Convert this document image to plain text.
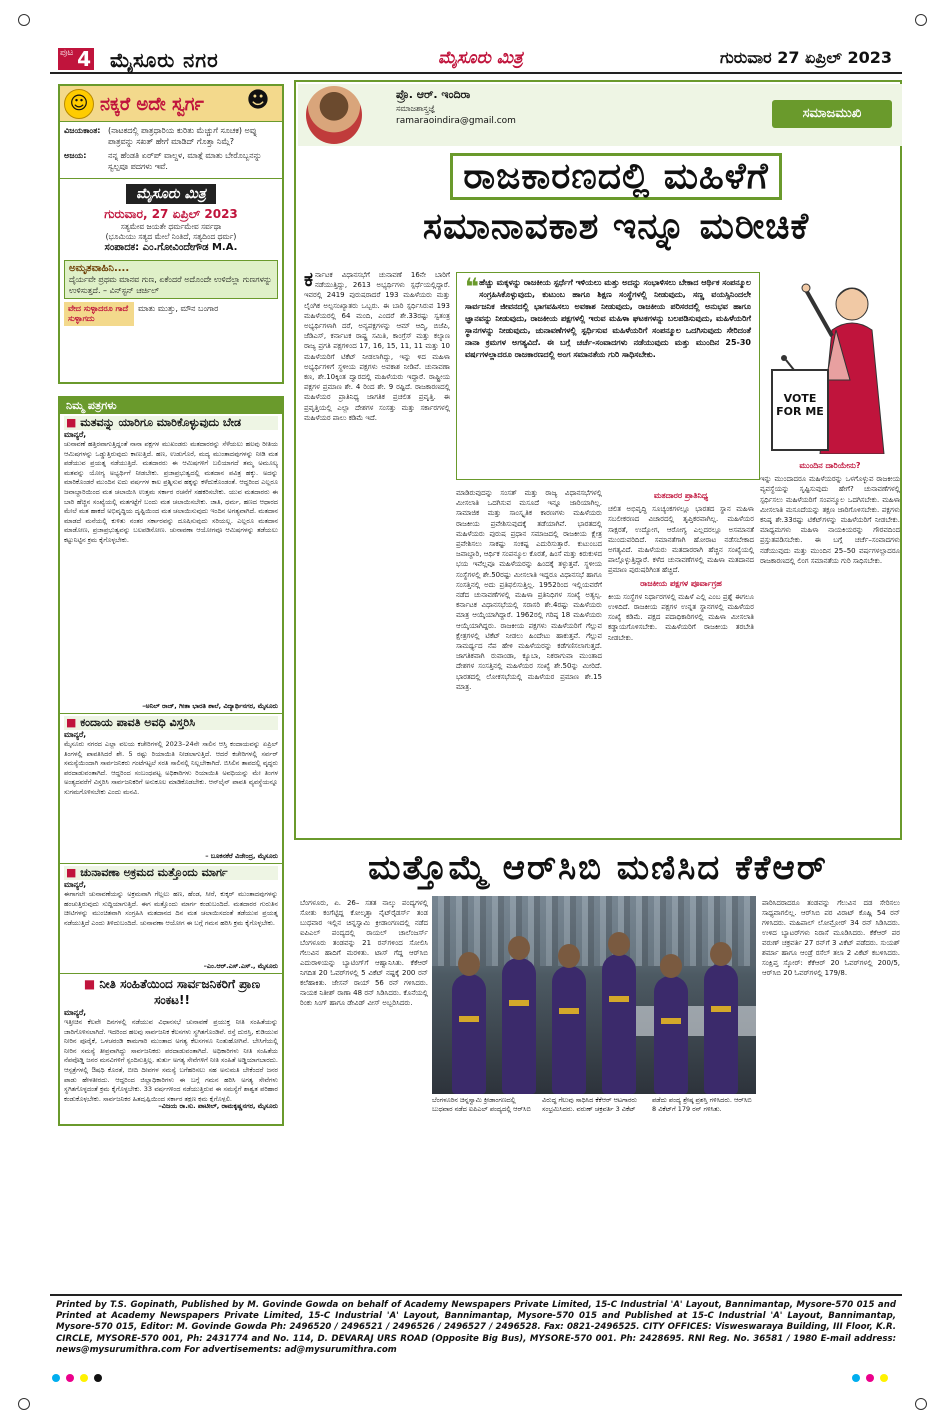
ಪುಟ 4 ಮೈಸೂರು ನಗರ	ಮೈಸೂರು ಮಿತ್ರ	ಗುರುವಾರ 27 ಏಪ್ರಿಲ್ 2023
☺ ನಕ್ಕರೆ ಅದೇ ಸ್ವರ್ಗ	☻
ವಿಜಯಕಾಂತ: (ನಾಟಕದಲ್ಲಿ ಪಾತ್ರಧಾರಿಯ ಕುರಿತು ಮೆಚ್ಚುಗೆ ಸೂಚಕ) ಅವ್ನು ಪಾತ್ರವನ್ನು ಸಖತ್ ಹೇಗೆ ಮಾಡಿದ್ ಗೊತ್ತಾ ನಿಮ್ಗೆ?
ಅಜಯ:	ನನ್ನ ಹೆಂಡತಿ ಏರ್‌ಪ್ ವಾಲ್ದಳ, ಮಾತ್ಗೆ ಮಾತು ಬೇರೊಬ್ಬನನ್ನು ಸ್ವಲ್ಪವೂ ಪದಗಳು ಇವೆ.
ಮೈಸೂರು ಮಿತ್ರ
ಗುರುವಾರ, 27 ಏಪ್ರಿಲ್ 2023
ಸತ್ಯಮೇವ ಜಯತೇ ಧರ್ಮಮೇವ ಸರ್ವಥಾ
(ಭೂಮಿಯು ಸತ್ಯದ ಮೇಲೆ ನಿಂತಿದೆ, ಸತ್ಯದಿಂದ ಧರ್ಮ)
ಸಂಪಾದಕ: ಎಂ.ಗೋವಿಂದೇಗೌಡ M.A.
ಅಮೃತವಾಹಿನಿ....
ದೈರ್ಯವೇ ಪ್ರಥಮ ಮಾನವ ಗುಣ, ಏಕೆಂದರೆ ಅದೊಂದೇ ಉಳಿದೆಲ್ಲಾ ಗುಣಗಳನ್ನು ಉಳಿಸುತ್ತದೆ. – ವಿನ್‌ಸ್ಟನ್ ಚರ್ಚಿಲ್
ವೇದ ಸುಳ್ಳಾದರೂ ಗಾದೆ ಸುಳ್ಳಾಗದು
ಮಾತು ಮುತ್ತು, ಮೌನ ಬಂಗಾರ
ನಿಮ್ಮ ಪತ್ರಗಳು
■ ಮತವನ್ನು ಯಾರಿಗೂ ಮಾರಿಕೊಳ್ಳುವುದು ಬೇಡ
ಮಾನ್ಯರೆ,

ಚುನಾವಣೆ ಹತ್ತಿರವಾಗುತ್ತಿದ್ದಂತೆ ನಾನಾ ಪಕ್ಷಗಳ ಮುಖಂಡರು ಮತದಾರರನ್ನು ಸೆಳೆಯಲು ಹಲವು ರೀತಿಯ ಆಮಿಷಗಳನ್ನು ಒಡ್ಡುತ್ತಿರುವುದು ಕಾಣುತ್ತಿದೆ. ಹಣ, ಉಡುಗೊರೆ, ಮದ್ಯ ಮುಂತಾದವುಗಳನ್ನು ನೀಡಿ ಮತ ಪಡೆಯುವ ಪ್ರಯತ್ನ ನಡೆಯುತ್ತಿದೆ. ಮತದಾರರು ಈ ಆಮಿಷಗಳಿಗೆ ಬಲಿಯಾಗದೆ ತಮ್ಮ ಅಮೂಲ್ಯ ಮತವನ್ನು ಯೋಗ್ಯ ಅಭ್ಯರ್ಥಿಗೆ ನೀಡಬೇಕು. ಪ್ರಜಾಪ್ರಭುತ್ವದಲ್ಲಿ ಮತದಾನ ಪವಿತ್ರ ಹಕ್ಕು. ಅದನ್ನು ಮಾರಿಕೊಂಡರೆ ಮುಂದಿನ ಐದು ವರ್ಷಗಳ ಕಾಲ ಪ್ರಶ್ನಿಸುವ ಹಕ್ಕನ್ನು ಕಳೆದುಕೊಂಡಂತೆ. ಆದ್ದರಿಂದ ಎಲ್ಲರೂ ಜವಾಬ್ದಾರಿಯಿಂದ ಮತ ಚಲಾಯಿಸಿ ಉತ್ತಮ ಸರ್ಕಾರ ರಚನೆಗೆ ಸಹಕರಿಸಬೇಕು. ಯುವ ಮತದಾರರು ಈ ಬಾರಿ ಹೆಚ್ಚಿನ ಸಂಖ್ಯೆಯಲ್ಲಿ ಮತಗಟ್ಟೆಗೆ ಬಂದು ಮತ ಚಲಾಯಿಸಬೇಕು. ಜಾತಿ, ಧರ್ಮ, ಹಣದ ಆಧಾರದ ಮೇಲೆ ಮತ ಹಾಕದೆ ಅಭಿವೃದ್ಧಿಯ ದೃಷ್ಟಿಯಿಂದ ಮತ ಚಲಾಯಿಸುವುದು ಇಂದಿನ ಅಗತ್ಯವಾಗಿದೆ. ಮತದಾನ ಮಾಡದೆ ಮನೆಯಲ್ಲಿ ಕುಳಿತು ನಂತರ ಸರ್ಕಾರವನ್ನು ದೂಷಿಸುವುದು ಸರಿಯಲ್ಲ. ಎಲ್ಲರೂ ಮತದಾನ ಮಾಡೋಣ, ಪ್ರಜಾಪ್ರಭುತ್ವವನ್ನು ಬಲಪಡಿಸೋಣ. ಚುನಾವಣಾ ಆಯೋಗವೂ ಆಮಿಷಗಳನ್ನು ತಡೆಯಲು ಕಟ್ಟುನಿಟ್ಟಿನ ಕ್ರಮ ಕೈಗೊಳ್ಳಬೇಕು.

–ಅನಿಲ್ ರಾಜ್, ಗೀತಾ ಭಾರತಿ ಶಾಲೆ, ವಿದ್ಯಾರ್ಥಿನಗರ, ಮೈಸೂರು
■ ಕಂದಾಯ ಪಾವತಿ ಅವಧಿ ವಿಸ್ತರಿಸಿ
ಮಾನ್ಯರೆ,

ಮೈಸೂರು ನಗರದ ಎಲ್ಲಾ ವಲಯ ಕಚೇರಿಗಳಲ್ಲಿ 2023–24ನೇ ಸಾಲಿನ ಆಸ್ತಿ ಕಂದಾಯವನ್ನು ಏಪ್ರಿಲ್ ತಿಂಗಳಲ್ಲಿ ಪಾವತಿಸಿದರೆ ಶೇ. 5 ರಷ್ಟು ರಿಯಾಯಿತಿ ನೀಡಲಾಗುತ್ತಿದೆ. ಆದರೆ ಕಚೇರಿಗಳಲ್ಲಿ ಸರ್ವರ್ ಸಮಸ್ಯೆಯಿಂದಾಗಿ ಸಾರ್ವಜನಿಕರು ಗಂಟೆಗಟ್ಟಲೆ ಸರತಿ ಸಾಲಿನಲ್ಲಿ ನಿಲ್ಲಬೇಕಾಗಿದೆ. ಬಿಸಿಲಿನ ತಾಪದಲ್ಲಿ ವೃದ್ಧರು ಪರದಾಡುವಂತಾಗಿದೆ. ಆದ್ದರಿಂದ ಸಂಬಂಧಪಟ್ಟ ಅಧಿಕಾರಿಗಳು ರಿಯಾಯಿತಿ ಅವಧಿಯನ್ನು ಮೇ ತಿಂಗಳ ಅಂತ್ಯದವರೆಗೆ ವಿಸ್ತರಿಸಿ ಸಾರ್ವಜನಿಕರಿಗೆ ಅನುಕೂಲ ಮಾಡಿಕೊಡಬೇಕು. ಆನ್‌ಲೈನ್ ಪಾವತಿ ವ್ಯವಸ್ಥೆಯನ್ನೂ ಸುಗಮಗೊಳಿಸಬೇಕು ಎಂದು ಮನವಿ.

– ಬೂಕನಕೆರೆ ವಿಜೇಂದ್ರ, ಮೈಸೂರು
■ ಚುನಾವಣಾ ಅಕ್ರಮದ ಮತ್ತೊಂದು ಮಾರ್ಗ
ಮಾನ್ಯರೆ,

ಈಗಾಗಲೇ ಚುನಾವಣೆಯನ್ನು ಅಕ್ರಮವಾಗಿ ಗೆಲ್ಲಲು ಹಣ, ಹೆಂಡ, ಸೀರೆ, ಕುಕ್ಕರ್ ಮುಂತಾದವುಗಳನ್ನು ಹಂಚುತ್ತಿರುವುದು ಸುದ್ದಿಯಾಗುತ್ತಿದೆ. ಈಗ ಮತ್ತೊಂದು ಮಾರ್ಗ ಕಂಡುಬಂದಿದೆ. ಮತದಾರರ ಗುರುತಿನ ಚೀಟಿಗಳನ್ನು ಮುಂಚಿತವಾಗಿ ಸಂಗ್ರಹಿಸಿ ಮತದಾನದ ದಿನ ಮತ ಚಲಾಯಿಸದಂತೆ ತಡೆಯುವ ಪ್ರಯತ್ನ ನಡೆಯುತ್ತಿದೆ ಎಂದು ತಿಳಿದುಬಂದಿದೆ. ಚುನಾವಣಾ ಆಯೋಗ ಈ ಬಗ್ಗೆ ಗಮನ ಹರಿಸಿ ಕ್ರಮ ಕೈಗೊಳ್ಳಬೇಕು.

–ಎಂ.ಆರ್.ಎಸ್.ಎಸ್., ಮೈಸೂರು
■ ನೀತಿ ಸಂಹಿತೆಯಿಂದ ಸಾರ್ವಜನಿಕರಿಗೆ ಪ್ರಾಣ ಸಂಕಟ!!
ಮಾನ್ಯರೆ,

ಇತ್ತೀಚಿನ ಕೆಲವೇ ದಿನಗಳಲ್ಲಿ ನಡೆಯುವ ವಿಧಾನಸಭೆ ಚುನಾವಣೆ ಪ್ರಯುಕ್ತ ನೀತಿ ಸಂಹಿತೆಯನ್ನು ಜಾರಿಗೊಳಿಸಲಾಗಿದೆ. ಇದರಿಂದ ಹಲವು ಸಾರ್ವಜನಿಕ ಕೆಲಸಗಳು ಸ್ಥಗಿತಗೊಂಡಿವೆ. ರಸ್ತೆ ದುರಸ್ತಿ, ಕುಡಿಯುವ ನೀರಿನ ಪೂರೈಕೆ, ಒಳಚರಂಡಿ ಕಾಮಗಾರಿ ಮುಂತಾದ ಅಗತ್ಯ ಕೆಲಸಗಳೂ ನಿಂತುಹೋಗಿವೆ. ಬೇಸಿಗೆಯಲ್ಲಿ ನೀರಿನ ಸಮಸ್ಯೆ ತೀವ್ರವಾಗಿದ್ದು ಸಾರ್ವಜನಿಕರು ಪರದಾಡುವಂತಾಗಿದೆ. ಅಧಿಕಾರಿಗಳು ನೀತಿ ಸಂಹಿತೆಯ ನೆಪವೊಡ್ಡಿ ಜನರ ಮನವಿಗಳಿಗೆ ಸ್ಪಂದಿಸುತ್ತಿಲ್ಲ. ತುರ್ತು ಅಗತ್ಯ ಸೇವೆಗಳಿಗೆ ನೀತಿ ಸಂಹಿತೆ ಅಡ್ಡಿಯಾಗಬಾರದು. ಆಸ್ಪತ್ರೆಗಳಲ್ಲಿ ಔಷಧಿ ಕೊರತೆ, ಬೀದಿ ದೀಪಗಳ ಸಮಸ್ಯೆ ಬಗೆಹರಿಸಲು ಸಹ ಅನುಮತಿ ಬೇಕೆಂದರೆ ಜನರ ಪಾಡು ಹೇಳತೀರದು. ಆದ್ದರಿಂದ ಜಿಲ್ಲಾಧಿಕಾರಿಗಳು ಈ ಬಗ್ಗೆ ಗಮನ ಹರಿಸಿ ಅಗತ್ಯ ಸೇವೆಗಳು ಸ್ಥಗಿತಗೊಳ್ಳದಂತೆ ಕ್ರಮ ಕೈಗೊಳ್ಳಬೇಕು. 33 ವರ್ಷಗಳಿಂದ ನಡೆಯುತ್ತಿರುವ ಈ ಸಮಸ್ಯೆಗೆ ಶಾಶ್ವತ ಪರಿಹಾರ ಕಂಡುಕೊಳ್ಳಬೇಕು. ಸಾರ್ವಜನಿಕರ ಹಿತದೃಷ್ಟಿಯಿಂದ ಸರ್ಕಾರ ತಕ್ಷಣ ಕ್ರಮ ಕೈಗೊಳ್ಳಲಿ.

–ವಿಜಯ ರಾ.ಸು. ಪಾಟೀಲ್, ರಾಮಕೃಷ್ಣನಗರ, ಮೈಸೂರು
ಪ್ರೊ. ಆರ್. ಇಂದಿರಾ
ಸಮಾಜಶಾಸ್ತ್ರಜ್ಞೆ
ramaraoindira@gmail.com	ಸಮಾಜಮುಖಿ
ರಾಜಕಾರಣದಲ್ಲಿ ಮಹಿಳೆಗೆ
ಸಮಾನಾವಕಾಶ ಇನ್ನೂ ಮರೀಚಿಕೆ
ಕರ್ನಾಟಕ ವಿಧಾನಸಭೆಗೆ ಚುನಾವಣೆ 16ನೇ ಬಾರಿಗೆ ನಡೆಯುತ್ತಿದ್ದು, 2613 ಅಭ್ಯರ್ಥಿಗಳು ಸ್ಪರ್ಧೆಯಲ್ಲಿದ್ದಾರೆ. ಇವರಲ್ಲಿ 2419 ಪುರುಷರಾದರೆ 193 ಮಹಿಳೆಯರು ಮತ್ತು ಲೈಂಗಿಕ ಅಲ್ಪಸಂಖ್ಯಾತರು ಒಬ್ಬರು. ಈ ಬಾರಿ ಸ್ಪರ್ಧಿಸಿರುವ 193 ಮಹಿಳೆಯರಲ್ಲಿ 64 ಮಂದಿ, ಎಂದರೆ ಶೇ.33ರಷ್ಟು ಸ್ವತಂತ್ರ ಅಭ್ಯರ್ಥಿಗಳಾಗಿ ದರೆ, ಅನ್ಯಪಕ್ಷಗಳನ್ನು ಆಮ್ ಆದ್ಮಿ, ಬಿಜೆಪಿ, ಜೆಡಿಎಸ್, ಕರ್ನಾಟಕ ರಾಷ್ಟ್ರ ಸಮಿತಿ, ಕಾಂಗ್ರೆಸ್ ಮತ್ತು ಕಲ್ಯಾಣ ರಾಜ್ಯ ಪ್ರಗತಿ ಪಕ್ಷಗಳಿಂದ 17, 16, 15, 11, 11 ಮತ್ತು 10 ಮಹಿಳೆಯರಿಗೆ ಟಿಕೆಟ್ ನೀಡಲಾಗಿದ್ದು, ಇನ್ನು ಳಿದ ಮಹಿಳಾ ಅಭ್ಯರ್ಥಿಗಳಿಗೆ ಸ್ಥಳೀಯ ಪಕ್ಷಗಳು ಅವಕಾಶ ನೀಡಿವೆ. ಚುನಾವಣಾ ಕಣ, ಶೇ.10ಕ್ಕಿಂತ ದ್ವಾರದಲ್ಲಿ ಮಹಿಳೆಯರು ಇದ್ದಾರೆ. ರಾಷ್ಟ್ರೀಯ ಪಕ್ಷಗಳ ಪ್ರಮಾಣ ಶೇ. 4 ರಿಂದ ಶೇ. 9 ರಷ್ಟಿದೆ. ರಾಜಕಾರಣದಲ್ಲಿ ಮಹಿಳೆಯರ ಪ್ರಾತಿನಿಧ್ಯ ಜಾಗತಿಕ ಪ್ರಚಲಿತ ಪ್ರವೃತ್ತಿ. ಈ ಪ್ರವೃತ್ತಿಯಲ್ಲಿ ಎಲ್ಲಾ ದೇಶಗಳ ಸಂಸತ್ತು ಮತ್ತು ಸರ್ಕಾರಗಳಲ್ಲಿ ಮಹಿಳೆಯರ ಪಾಲು ಕಡಿಮೆ ಇದೆ.
❝ ಹೆಚ್ಚು ಮಕ್ಕಳನ್ನು ರಾಜಕೀಯ ಸ್ಪರ್ಧೆಗೆ ಇಳಿಯಲು ಮತ್ತು ಅದನ್ನು ಸಂಭಾಳಿಸಲು ಬೇಕಾದ ಆರ್ಥಿಕ ಸಂಪನ್ಮೂಲ ಸಂಗ್ರಹಿಸಿಕೊಳ್ಳುವುದು, ಕುಟುಂಬ ಹಾಗೂ ಶಿಕ್ಷಣ ಸಂಸ್ಥೆಗಳಲ್ಲಿ ನೀಡುವುದು, ಸಣ್ಣ ವಯಸ್ಸಿನಿಂದಲೇ ಸಾರ್ವಜನಿಕ ಜೀವನದಲ್ಲಿ ಭಾಗವಹಿಸಲು ಅವಕಾಶ ನೀಡುವುದು, ರಾಜಕೀಯ ಪರಿಸರದಲ್ಲಿ ಅನುಭವ ಹಾಗೂ ಜ್ಞಾನವನ್ನು ನೀಡುವುದು, ರಾಜಕೀಯ ಪಕ್ಷಗಳಲ್ಲಿ ಇರುವ ಮಹಿಳಾ ಘಟಕಗಳನ್ನು ಬಲಪಡಿಸುವುದು, ಮಹಿಳೆಯರಿಗೆ ಸ್ಥಾನಗಳನ್ನು ನೀಡುವುದು, ಚುನಾವಣೆಗಳಲ್ಲಿ ಸ್ಪರ್ಧಿಸುವ ಮಹಿಳೆಯರಿಗೆ ಸಂಪನ್ಮೂಲ ಒದಗಿಸುವುದು ಸೇರಿದಂತೆ ನಾನಾ ಕ್ರಮಗಳ ಅಗತ್ಯವಿದೆ. ಈ ಬಗ್ಗೆ ಚರ್ಚೆ-ಸಂವಾದಗಳು ನಡೆಯುವುದು ಮತ್ತು ಮುಂದಿನ 25-30 ವರ್ಷಗಳಲ್ಲಾದರೂ ರಾಜಕಾರಣದಲ್ಲಿ ಅಂಗ ಸಮಾನತೆಯ ಗುರಿ ಸಾಧಿಸಬೇಕು.
VOTE FOR ME
ಮಾಡಿರುವುದನ್ನು ಸಂಸತ್ ಮತ್ತು ರಾಜ್ಯ ವಿಧಾನಸಭೆಗಳಲ್ಲಿ ಮೀಸಲಾತಿ ಒದಗಿಸುವ ಮಸೂದೆ ಇನ್ನೂ ಜಾರಿಯಾಗಿಲ್ಲ. ಸಾಮಾಜಿಕ ಮತ್ತು ಸಾಂಸ್ಕೃತಿಕ ಕಾರಣಗಳು ಮಹಿಳೆಯರು ರಾಜಕೀಯ ಪ್ರವೇಶಿಸುವುದಕ್ಕೆ ತಡೆಯಾಗಿವೆ. ಭಾರತದಲ್ಲಿ ಮಹಿಳೆಯರು ಪುರುಷ ಪ್ರಧಾನ ಸಮಾಜದಲ್ಲಿ ರಾಜಕೀಯ ಕ್ಷೇತ್ರ ಪ್ರವೇಶಿಸಲು ಸಾಕಷ್ಟು ಸಂಕಷ್ಟ ಎದುರಿಸುತ್ತಾರೆ. ಕುಟುಂಬದ ಜವಾಬ್ದಾರಿ, ಆರ್ಥಿಕ ಸಂಪನ್ಮೂಲ ಕೊರತೆ, ಹಿಂಸೆ ಮತ್ತು ಕಿರುಕುಳದ ಭಯ ಇವೆಲ್ಲವೂ ಮಹಿಳೆಯರನ್ನು ಹಿಂದಕ್ಕೆ ತಳ್ಳುತ್ತವೆ. ಸ್ಥಳೀಯ ಸಂಸ್ಥೆಗಳಲ್ಲಿ ಶೇ.50ರಷ್ಟು ಮೀಸಲಾತಿ ಇದ್ದರೂ ವಿಧಾನಸಭೆ ಹಾಗೂ ಸಂಸತ್ತಿನಲ್ಲಿ ಅದು ಪ್ರತಿಫಲಿಸುತ್ತಿಲ್ಲ. 1952ರಿಂದ ಇಲ್ಲಿಯವರೆಗೆ ನಡೆದ ಚುನಾವಣೆಗಳಲ್ಲಿ ಮಹಿಳಾ ಪ್ರತಿನಿಧಿಗಳ ಸಂಖ್ಯೆ ಅತ್ಯಲ್ಪ. ಕರ್ನಾಟಕ ವಿಧಾನಸಭೆಯಲ್ಲಿ ಸರಾಸರಿ ಶೇ.4ರಷ್ಟು ಮಹಿಳೆಯರು ಮಾತ್ರ ಆಯ್ಕೆಯಾಗಿದ್ದಾರೆ. 1962ರಲ್ಲಿ ಗರಿಷ್ಠ 18 ಮಹಿಳೆಯರು ಆಯ್ಕೆಯಾಗಿದ್ದರು. ರಾಜಕೀಯ ಪಕ್ಷಗಳು ಮಹಿಳೆಯರಿಗೆ ಗೆಲ್ಲುವ ಕ್ಷೇತ್ರಗಳಲ್ಲಿ ಟಿಕೆಟ್ ನೀಡಲು ಹಿಂದೇಟು ಹಾಕುತ್ತವೆ. ಗೆಲ್ಲುವ ಸಾಮರ್ಥ್ಯದ ನೆಪ ಹೇಳಿ ಮಹಿಳೆಯರನ್ನು ಕಡೆಗಣಿಸಲಾಗುತ್ತದೆ. ಜಾಗತಿಕವಾಗಿ ರುವಾಂಡಾ, ಕ್ಯೂಬಾ, ನಿಕರಾಗುವಾ ಮುಂತಾದ ದೇಶಗಳ ಸಂಸತ್ತಿನಲ್ಲಿ ಮಹಿಳೆಯರ ಸಂಖ್ಯೆ ಶೇ.50ನ್ನು ಮೀರಿದೆ. ಭಾರತದಲ್ಲಿ ಲೋಕಸಭೆಯಲ್ಲಿ ಮಹಿಳೆಯರ ಪ್ರಮಾಣ ಶೇ.15 ಮಾತ್ರ.
ಮತದಾರರ ಪ್ರಾತಿನಿಧ್ಯ
ಚಲಿತ ಅಭಿವೃದ್ಧಿ ಸೂಚ್ಯಂಕಗಳಲ್ಲೂ ಭಾರತದ ಸ್ಥಾನ ಮಹಿಳಾ ಸಬಲೀಕರಣದ ವಿಚಾರದಲ್ಲಿ ತೃಪ್ತಿಕರವಾಗಿಲ್ಲ. ಮಹಿಳೆಯರ ಸಾಕ್ಷರತೆ, ಉದ್ಯೋಗ, ಆರೋಗ್ಯ ಎಲ್ಲದರಲ್ಲೂ ಅಸಮಾನತೆ ಮುಂದುವರಿದಿದೆ. ಸಮಾನತೆಗಾಗಿ ಹೋರಾಟ ನಡೆಸಬೇಕಾದ ಅಗತ್ಯವಿದೆ. ಮಹಿಳೆಯರು ಮತದಾರರಾಗಿ ಹೆಚ್ಚಿನ ಸಂಖ್ಯೆಯಲ್ಲಿ ಪಾಲ್ಗೊಳ್ಳುತ್ತಿದ್ದಾರೆ. ಕಳೆದ ಚುನಾವಣೆಗಳಲ್ಲಿ ಮಹಿಳಾ ಮತದಾನದ ಪ್ರಮಾಣ ಪುರುಷರಿಗಿಂತ ಹೆಚ್ಚಿದೆ.
ರಾಜಕೀಯ ಪಕ್ಷಗಳ ಪೂರ್ವಾಗ್ರಹ
ಕೀಯ ಸಂಸ್ಥೆಗಳ ನಿರ್ಧಾರಗಳಲ್ಲಿ ಮಹಿಳೆ ಎಲ್ಲಿ ಎಂಬ ಪ್ರಶ್ನೆ ಈಗಲೂ ಉಳಿದಿದೆ. ರಾಜಕೀಯ ಪಕ್ಷಗಳ ಉನ್ನತ ಸ್ಥಾನಗಳಲ್ಲಿ ಮಹಿಳೆಯರ ಸಂಖ್ಯೆ ಕಡಿಮೆ. ಪಕ್ಷದ ಪದಾಧಿಕಾರಿಗಳಲ್ಲಿ ಮಹಿಳಾ ಮೀಸಲಾತಿ ಕಡ್ಡಾಯಗೊಳಿಸಬೇಕು. ಮಹಿಳೆಯರಿಗೆ ರಾಜಕೀಯ ತರಬೇತಿ ನೀಡಬೇಕು.
ಮುಂದಿನ ದಾರಿಯೇನು?
ಇನ್ನು ಮುಂದಾದರೂ ಮಹಿಳೆಯರನ್ನು ಒಳಗೊಳ್ಳುವ ರಾಜಕೀಯ ವ್ಯವಸ್ಥೆಯನ್ನು ಸೃಷ್ಟಿಸುವುದು ಹೇಗೆ? ಚುನಾವಣೆಗಳಲ್ಲಿ ಸ್ಪರ್ಧಿಸಲು ಮಹಿಳೆಯರಿಗೆ ಸಂಪನ್ಮೂಲ ಒದಗಿಸಬೇಕು. ಮಹಿಳಾ ಮೀಸಲಾತಿ ಮಸೂದೆಯನ್ನು ತಕ್ಷಣ ಜಾರಿಗೊಳಿಸಬೇಕು. ಪಕ್ಷಗಳು ಕನಿಷ್ಠ ಶೇ.33ರಷ್ಟು ಟಿಕೆಟ್‌ಗಳನ್ನು ಮಹಿಳೆಯರಿಗೆ ನೀಡಬೇಕು. ಮಾಧ್ಯಮಗಳು ಮಹಿಳಾ ನಾಯಕಿಯರನ್ನು ಗೌರವದಿಂದ ಪ್ರಸ್ತುತಪಡಿಸಬೇಕು. ಈ ಬಗ್ಗೆ ಚರ್ಚೆ–ಸಂವಾದಗಳು ನಡೆಯುವುದು ಮತ್ತು ಮುಂದಿನ 25–50 ವರ್ಷಗಳಲ್ಲಾದರೂ ರಾಜಕಾರಣದಲ್ಲಿ ಲಿಂಗ ಸಮಾನತೆಯ ಗುರಿ ಸಾಧಿಸಬೇಕು.
ಮತ್ತೊಮ್ಮೆ ಆರ್‌ಸಿಬಿ ಮಣಿಸಿದ ಕೆಕೆಆರ್
ಬೆಂಗಳೂರು, ಏ. 26– ಸತತ ನಾಲ್ಕು ಪಂದ್ಯಗಳಲ್ಲಿ ಸೋತು ಕಂಗೆಟ್ಟಿದ್ದ ಕೋಲ್ಕತ್ತಾ ನೈಟ್‌ರೈಡರ್ಸ್ ತಂಡ ಬುಧವಾರ ಇಲ್ಲಿನ ಚಿನ್ನಸ್ವಾಮಿ ಕ್ರೀಡಾಂಗಣದಲ್ಲಿ ನಡೆದ ಐಪಿಎಲ್ ಪಂದ್ಯದಲ್ಲಿ ರಾಯಲ್ ಚಾಲೆಂಜರ್ಸ್ ಬೆಂಗಳೂರು ತಂಡವನ್ನು 21 ರನ್‌ಗಳಿಂದ ಸೋಲಿಸಿ ಗೆಲುವಿನ ಹಾದಿಗೆ ಮರಳಿತು. ಟಾಸ್ ಗೆದ್ದ ಆರ್‌ಸಿಬಿ ಎದುರಾಳಿಯನ್ನು ಬ್ಯಾಟಿಂಗ್‌ಗೆ ಆಹ್ವಾನಿಸಿತು. ಕೆಕೆಆರ್ ನಿಗದಿತ 20 ಓವರ್‌ಗಳಲ್ಲಿ 5 ವಿಕೆಟ್ ನಷ್ಟಕ್ಕೆ 200 ರನ್ ಕಲೆಹಾಕಿತು. ಜೇಸನ್ ರಾಯ್ 56 ರನ್ ಗಳಿಸಿದರು. ನಾಯಕ ನಿತೀಶ್ ರಾಣಾ 48 ರನ್ ಸಿಡಿಸಿದರು. ಕೊನೆಯಲ್ಲಿ ರಿಂಕು ಸಿಂಗ್ ಹಾಗೂ ಡೇವಿಡ್ ವೀಸ್ ಅಬ್ಬರಿಸಿದರು.
ಬೆಂಗಳೂರಿನ ಚಿನ್ನಸ್ವಾಮಿ ಕ್ರೀಡಾಂಗಣದಲ್ಲಿ ಬುಧವಾರ ನಡೆದ ಐಪಿಎಲ್ ಪಂದ್ಯದಲ್ಲಿ ಆರ್‌ಸಿಬಿ ವಿರುದ್ಧ ಗೆಲುವು ಸಾಧಿಸಿದ ಕೆಕೆಆರ್ ಆಟಗಾರರು ಸಂಭ್ರಮಿಸಿದರು. ವರುಣ್ ಚಕ್ರವರ್ತಿ 3 ವಿಕೆಟ್ ಪಡೆದು ಪಂದ್ಯ ಶ್ರೇಷ್ಠ ಪ್ರಶಸ್ತಿ ಗಳಿಸಿದರು. ಆರ್‌ಸಿಬಿ 8 ವಿಕೆಟ್‌ಗೆ 179 ರನ್ ಗಳಿಸಿತು.
ಪಾರಿಸಿದರಾದರೂ ತಂಡವನ್ನು ಗೆಲುವಿನ ದಡ ಸೇರಿಸಲು ಸಾಧ್ಯವಾಗಲಿಲ್ಲ. ಆರ್‌ಸಿಬಿ ಪರ ವಿರಾಟ್ ಕೊಹ್ಲಿ 54 ರನ್ ಗಳಿಸಿದರು. ಮಹಿಪಾಲ್ ಲೋಮ್ರೋರ್ 34 ರನ್ ಸಿಡಿಸಿದರು. ಉಳಿದ ಬ್ಯಾಟರ್‌ಗಳು ನಿರಾಸೆ ಮೂಡಿಸಿದರು. ಕೆಕೆಆರ್ ಪರ ವರುಣ್ ಚಕ್ರವರ್ತಿ 27 ರನ್‌ಗೆ 3 ವಿಕೆಟ್ ಪಡೆದರು. ಸುಯಶ್ ಶರ್ಮಾ ಹಾಗೂ ಆಂಡ್ರೆ ರಸೆಲ್ ತಲಾ 2 ವಿಕೆಟ್ ಕಬಳಿಸಿದರು. ಸಂಕ್ಷಿಪ್ತ ಸ್ಕೋರ್: ಕೆಕೆಆರ್ 20 ಓವರ್‌ಗಳಲ್ಲಿ 200/5, ಆರ್‌ಸಿಬಿ 20 ಓವರ್‌ಗಳಲ್ಲಿ 179/8.
Printed by T.S. Gopinath, Published by M. Govinde Gowda on behalf of Academy Newspapers Private Limited, 15-C Industrial 'A' Layout, Bannimantap, Mysore-570 015 and Printed at Academy Newspapers Private Limited, 15-C Industrial 'A' Layout, Bannimantap, Mysore-570 015 and Published at 15-C Industrial 'A' Layout, Bannimantap, Mysore-570 015, Editor: M. Govinde Gowda Ph: 2496520 / 2496521 / 2496526 / 2496527 / 2496528. Fax: 0821-2496525. CITY OFFICES: Visweswaraya Building, III Floor, K.R. CIRCLE, MYSORE-570 001, Ph: 2431774 and No. 114, D. DEVARAJ URS ROAD (Opposite Big Bus), MYSORE-570 001. Ph: 2428695. RNI Reg. No. 36581 / 1980 E-mail address: news@mysurumithra.com For advertisements: ad@mysurumithra.com
